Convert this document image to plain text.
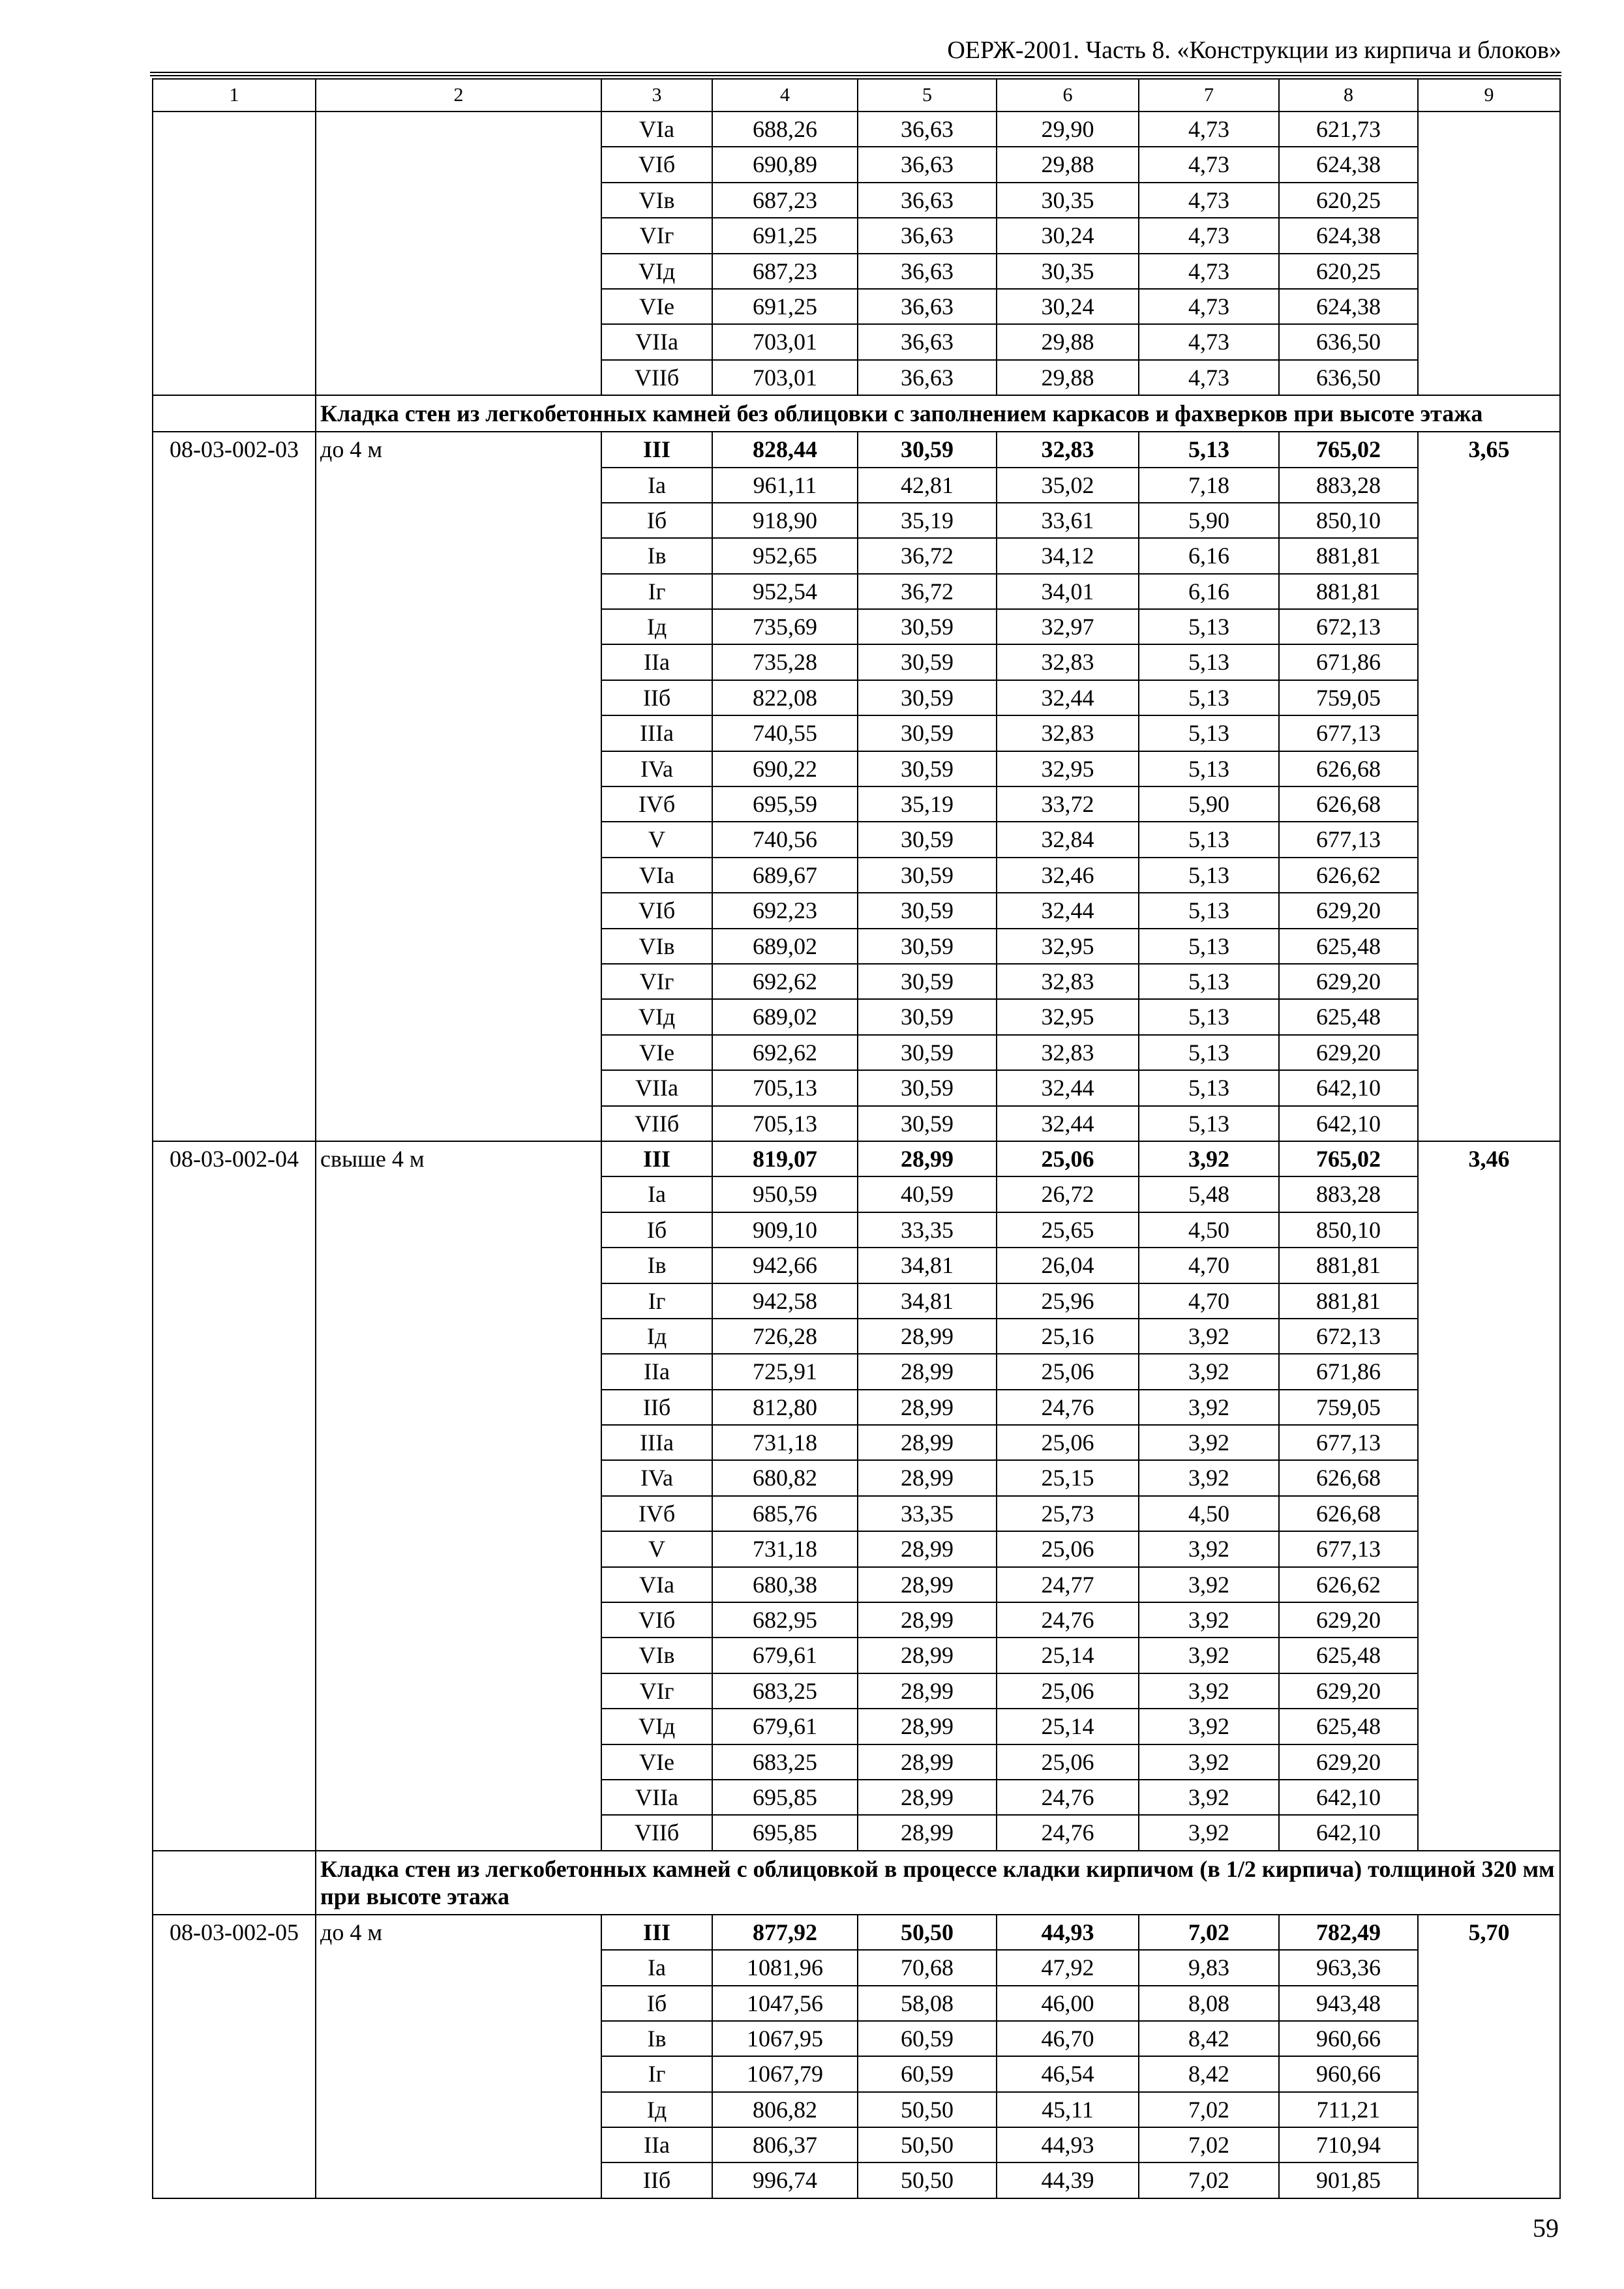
ОЕРЖ-2001. Часть 8. «Конструкции из кирпича и блоков»
1	2	3	4	5	6	7	8	9
		VIa	688,26	36,63	29,90	4,73	621,73	
		VIб	690,89	36,63	29,88	4,73	624,38	
		VIв	687,23	36,63	30,35	4,73	620,25	
		VIг	691,25	36,63	30,24	4,73	624,38	
		VIд	687,23	36,63	30,35	4,73	620,25	
		VIе	691,25	36,63	30,24	4,73	624,38	
		VIIa	703,01	36,63	29,88	4,73	636,50	
		VIIб	703,01	36,63	29,88	4,73	636,50	
	Кладка стен из легкобетонных камней без облицовки с заполнением каркасов и фахверков при высоте этажа							
08-03-002-03	до 4 м	III	828,44	30,59	32,83	5,13	765,02	3,65
		Ia	961,11	42,81	35,02	7,18	883,28	
		Iб	918,90	35,19	33,61	5,90	850,10	
		Iв	952,65	36,72	34,12	6,16	881,81	
		Iг	952,54	36,72	34,01	6,16	881,81	
		Iд	735,69	30,59	32,97	5,13	672,13	
		IIa	735,28	30,59	32,83	5,13	671,86	
		IIб	822,08	30,59	32,44	5,13	759,05	
		IIIa	740,55	30,59	32,83	5,13	677,13	
		IVa	690,22	30,59	32,95	5,13	626,68	
		IVб	695,59	35,19	33,72	5,90	626,68	
		V	740,56	30,59	32,84	5,13	677,13	
		VIa	689,67	30,59	32,46	5,13	626,62	
		VIб	692,23	30,59	32,44	5,13	629,20	
		VIв	689,02	30,59	32,95	5,13	625,48	
		VIг	692,62	30,59	32,83	5,13	629,20	
		VIд	689,02	30,59	32,95	5,13	625,48	
		VIе	692,62	30,59	32,83	5,13	629,20	
		VIIa	705,13	30,59	32,44	5,13	642,10	
		VIIб	705,13	30,59	32,44	5,13	642,10	
08-03-002-04	свыше 4 м	III	819,07	28,99	25,06	3,92	765,02	3,46
		Ia	950,59	40,59	26,72	5,48	883,28	
		Iб	909,10	33,35	25,65	4,50	850,10	
		Iв	942,66	34,81	26,04	4,70	881,81	
		Iг	942,58	34,81	25,96	4,70	881,81	
		Iд	726,28	28,99	25,16	3,92	672,13	
		IIa	725,91	28,99	25,06	3,92	671,86	
		IIб	812,80	28,99	24,76	3,92	759,05	
		IIIa	731,18	28,99	25,06	3,92	677,13	
		IVa	680,82	28,99	25,15	3,92	626,68	
		IVб	685,76	33,35	25,73	4,50	626,68	
		V	731,18	28,99	25,06	3,92	677,13	
		VIa	680,38	28,99	24,77	3,92	626,62	
		VIб	682,95	28,99	24,76	3,92	629,20	
		VIв	679,61	28,99	25,14	3,92	625,48	
		VIг	683,25	28,99	25,06	3,92	629,20	
		VIд	679,61	28,99	25,14	3,92	625,48	
		VIе	683,25	28,99	25,06	3,92	629,20	
		VIIa	695,85	28,99	24,76	3,92	642,10	
		VIIб	695,85	28,99	24,76	3,92	642,10	
	Кладка стен из легкобетонных камней с облицовкой в процессе кладки кирпичом (в 1/2 кирпича) толщиной 320 мм при высоте этажа							
08-03-002-05	до 4 м	III	877,92	50,50	44,93	7,02	782,49	5,70
		Ia	1081,96	70,68	47,92	9,83	963,36	
		Iб	1047,56	58,08	46,00	8,08	943,48	
		Iв	1067,95	60,59	46,70	8,42	960,66	
		Iг	1067,79	60,59	46,54	8,42	960,66	
		Iд	806,82	50,50	45,11	7,02	711,21	
		IIa	806,37	50,50	44,93	7,02	710,94	
		IIб	996,74	50,50	44,39	7,02	901,85	
59
